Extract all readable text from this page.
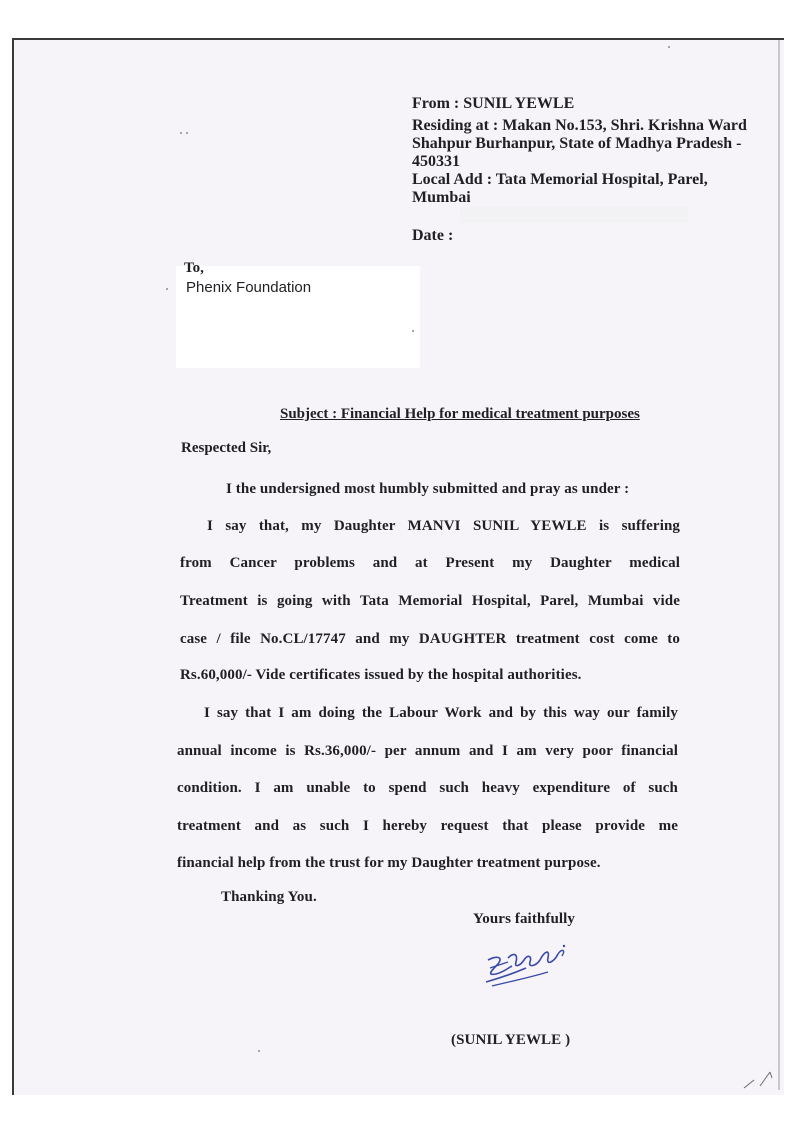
From : SUNIL YEWLE
Residing at : Makan No.153, Shri. Krishna Ward
Shahpur Burhanpur, State of Madhya Pradesh -
450331
Local Add : Tata Memorial Hospital, Parel,
Mumbai
Date :
To,
Phenix Foundation
Subject : Financial Help for medical treatment purposes
Respected Sir,
I the undersigned most humbly submitted and pray as under :
I say that, my Daughter MANVI SUNIL YEWLE is suffering
from Cancer problems and at Present my Daughter medical
Treatment is going with Tata Memorial Hospital, Parel, Mumbai vide
case / file No.CL/17747 and my DAUGHTER treatment cost come to
Rs.60,000/- Vide certificates issued by the hospital authorities.
I say that I am doing the Labour Work and by this way our family
annual income is Rs.36,000/- per annum and I am very poor financial
condition. I am unable to spend such heavy expenditure of such
treatment and as such I hereby request that please provide me
financial help from the trust for my Daughter treatment purpose.
Thanking You.
Yours faithfully
(SUNIL YEWLE )
